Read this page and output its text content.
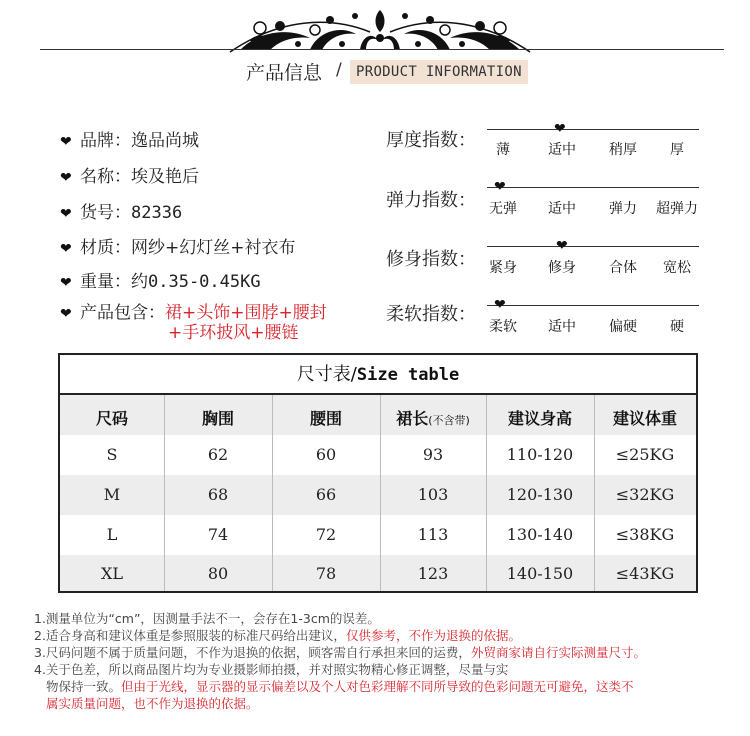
产品信息 /	PRODUCT INFORMATION
❤ 品牌：逸品尚城
❤ 名称：埃及艳后
❤ 货号：82336
❤ 材质：网纱+幻灯丝+衬衣布
❤ 重量：约0.35-0.45KG
❤ 产品包含：裙+头饰+围脖+腰封
+手环披风+腰链
厚度指数：
❤
薄	适中	稍厚	厚
弹力指数：
❤
无弹	适中	弹力	超弹力
修身指数：
❤
紧身	修身	合体	宽松
柔软指数： ❤
柔软	适中	偏硬	硬
尺寸表/Size table
尺码	胸围	腰围	裙长(不含带)	建议身高	建议体重
S	62	60	93	110-120	≤25KG
M	68	66	103	120-130	≤32KG
L	74	72	113	130-140	≤38KG
XL	80	78	123	140-150	≤43KG
1.测量单位为“cm”，因测量手法不一，会存在1-3cm的误差。
2.适合身高和建议体重是参照服装的标准尺码给出建议，仅供参考，不作为退换的依据。
3.尺码问题不属于质量问题，不作为退换的依据，顾客需自行承担来回的运费，外贸商家请自行实际测量尺寸。
4.关于色差，所以商品图片均为专业摄影师拍摄，并对照实物精心修正调整，尽量与实
物保持一致。但由于光线，显示器的显示偏差以及个人对色彩理解不同所导致的色彩问题无可避免，这类不
属实质量问题，也不作为退换的依据。
